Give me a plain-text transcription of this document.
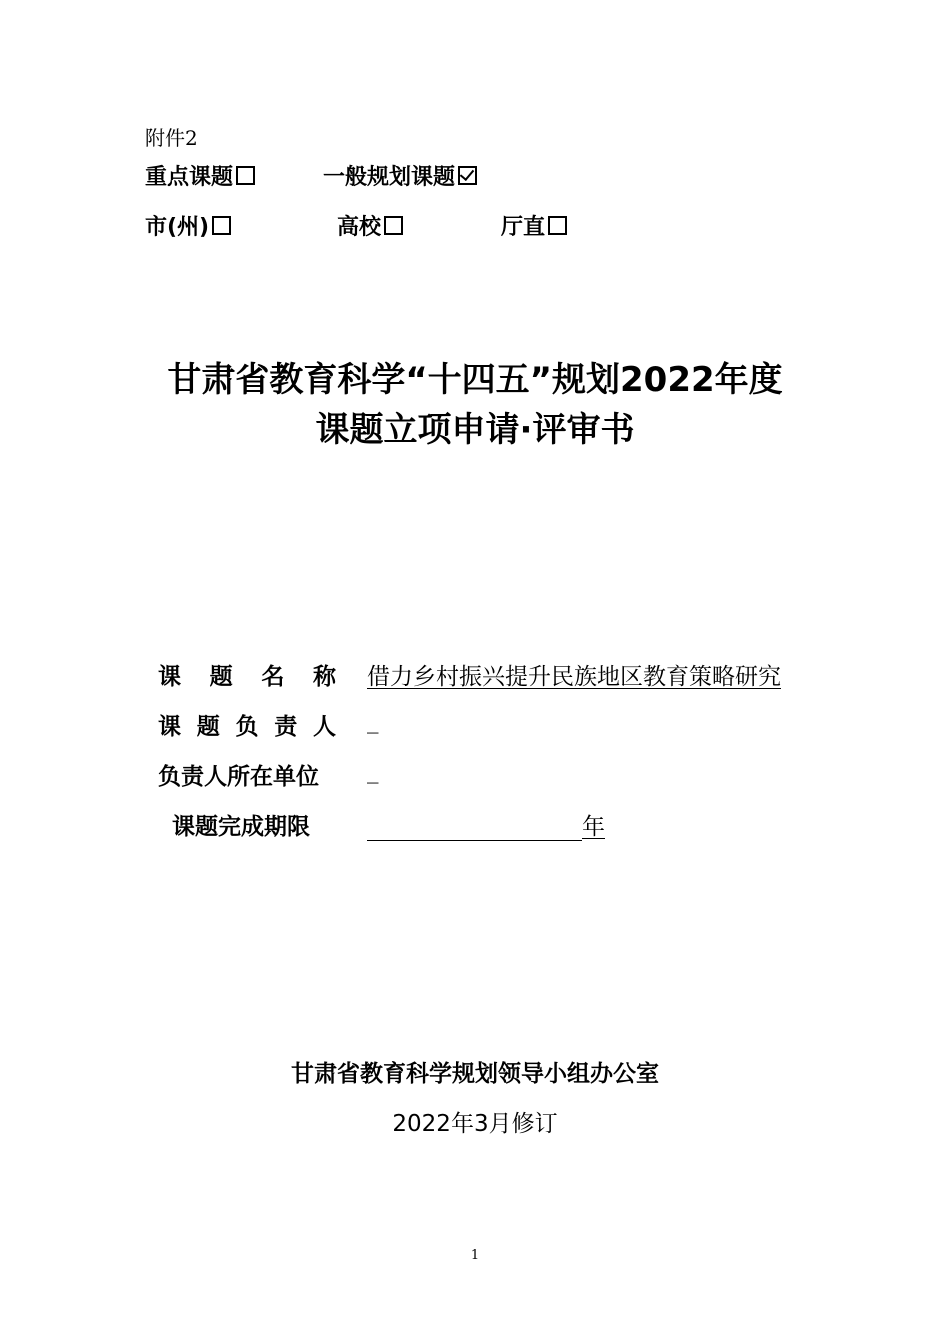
附件2
重点课题	一般规划课题
市(州)	高校	厅直
甘肃省教育科学“十四五”规划2022年度
课题立项申请·评审书
课 题 名 称 借力乡村振兴提升民族地区教育策略研究
课 题 负 责 人 _
负责人所在单位 _
课题完成期限	年
甘肃省教育科学规划领导小组办公室
2022年3月修订
1
